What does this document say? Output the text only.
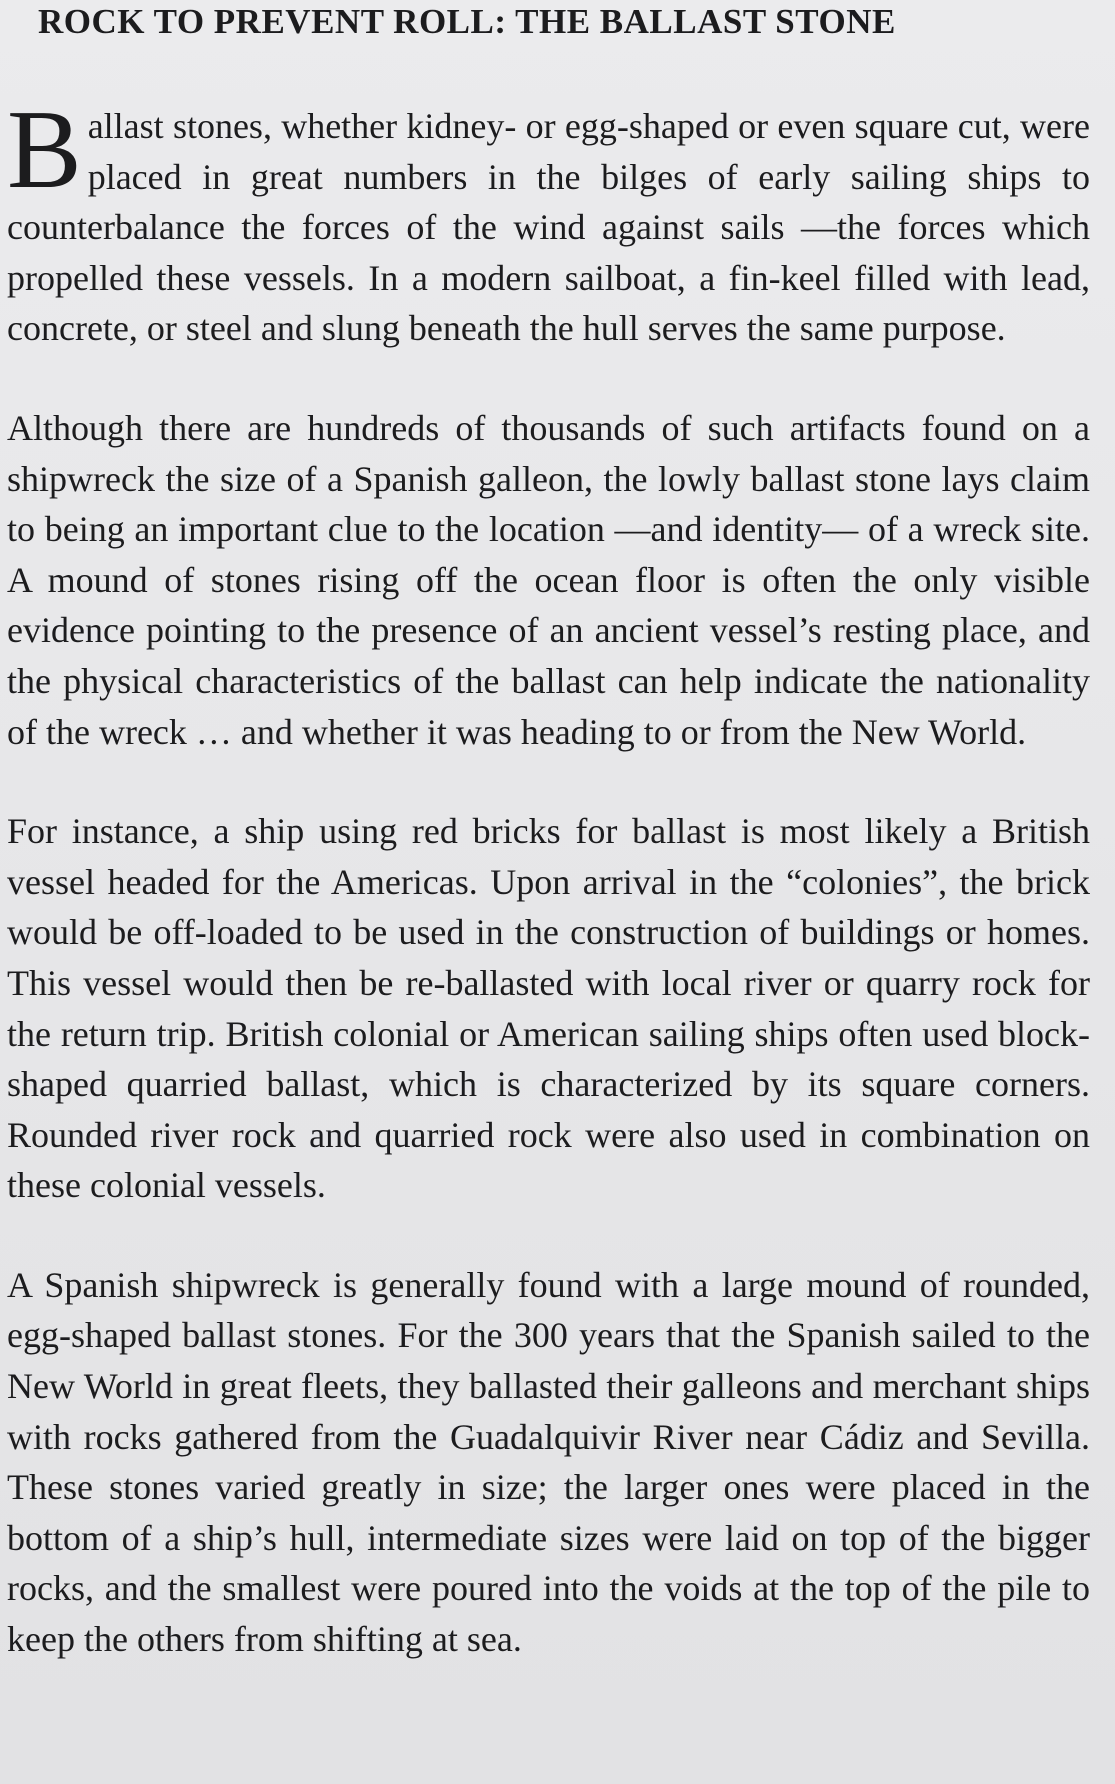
ROCK TO PREVENT ROLL: THE BALLAST STONE

Ballast stones, whether kidney- or egg-shaped or even square cut, were placed in great numbers in the bilges of early sailing ships to counterbalance the forces of the wind against sails —the forces which propelled these vessels. In a modern sailboat, a fin-keel filled with lead, concrete, or steel and slung beneath the hull serves the same purpose.

Although there are hundreds of thousands of such artifacts found on a shipwreck the size of a Spanish galleon, the lowly ballast stone lays claim to being an important clue to the location —and identity— of a wreck site. A mound of stones rising off the ocean floor is often the only visible evidence pointing to the presence of an ancient vessel’s resting place, and the physical characteristics of the ballast can help indicate the nationality of the wreck … and whether it was heading to or from the New World.

For instance, a ship using red bricks for ballast is most likely a British vessel headed for the Americas. Upon arrival in the “colonies”, the brick would be off-loaded to be used in the construction of buildings or homes. This vessel would then be re-ballasted with local river or quarry rock for the return trip. British colonial or American sailing ships often used block-shaped quarried ballast, which is characterized by its square corners. Rounded river rock and quarried rock were also used in combination on these colonial vessels.

A Spanish shipwreck is generally found with a large mound of rounded, egg-shaped ballast stones. For the 300 years that the Spanish sailed to the New World in great fleets, they ballasted their galleons and merchant ships with rocks gathered from the Guadalquivir River near Cádiz and Sevilla. These stones varied greatly in size; the larger ones were placed in the bottom of a ship’s hull, intermediate sizes were laid on top of the bigger rocks, and the smallest were poured into the voids at the top of the pile to keep the others from shifting at sea.
